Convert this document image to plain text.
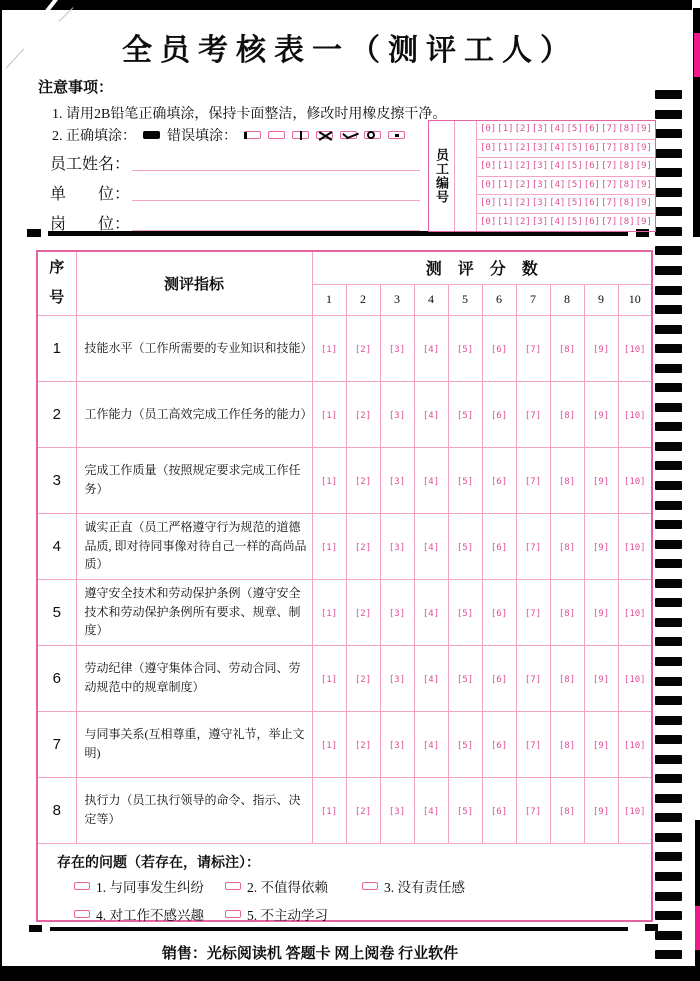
全员考核表一（测评工人）
注意事项：
1. 请用2B铅笔正确填涂，保持卡面整洁，修改时用橡皮擦干净。
2. 正确填涂： 错误填涂：
员工姓名：
单　　位：
岗　　位：
员工编号
[0] [1] [2] [3] [4] [5] [6] [7] [8] [9]
[0] [1] [2] [3] [4] [5] [6] [7] [8] [9]
[0] [1] [2] [3] [4] [5] [6] [7] [8] [9]
[0] [1] [2] [3] [4] [5] [6] [7] [8] [9]
[0] [1] [2] [3] [4] [5] [6] [7] [8] [9]
[0] [1] [2] [3] [4] [5] [6] [7] [8] [9]
序号	测评指标	测评分数									
		1	2	3	4	5	6	7	8	9	10
1	技能水平（工作所需要的专业知识和技能）	[1]	[2]	[3]	[4]	[5]	[6]	[7]	[8]	[9]	[10]
2	工作能力（员工高效完成工作任务的能力）	[1]	[2]	[3]	[4]	[5]	[6]	[7]	[8]	[9]	[10]
3	完成工作质量（按照规定要求完成工作任务）	[1]	[2]	[3]	[4]	[5]	[6]	[7]	[8]	[9]	[10]
4	诚实正直（员工严格遵守行为规范的道德品质, 即对待同事像对待自己一样的高尚品质）	[1]	[2]	[3]	[4]	[5]	[6]	[7]	[8]	[9]	[10]
5	遵守安全技术和劳动保护条例（遵守安全技术和劳动保护条例所有要求、规章、制度）	[1]	[2]	[3]	[4]	[5]	[6]	[7]	[8]	[9]	[10]
6	劳动纪律（遵守集体合同、劳动合同、劳动规范中的规章制度）	[1]	[2]	[3]	[4]	[5]	[6]	[7]	[8]	[9]	[10]
7	与同事关系(互相尊重，遵守礼节，举止文明)	[1]	[2]	[3]	[4]	[5]	[6]	[7]	[8]	[9]	[10]
8	执行力（员工执行领导的命令、指示、决定等）	[1]	[2]	[3]	[4]	[5]	[6]	[7]	[8]	[9]	[10]

存在的问题（若存在，请标注）：
1. 与同事发生纠纷	2. 不值得依赖	3. 没有责任感
4. 对工作不感兴趣	5. 不主动学习
销售：光标阅读机 答题卡 网上阅卷 行业软件
